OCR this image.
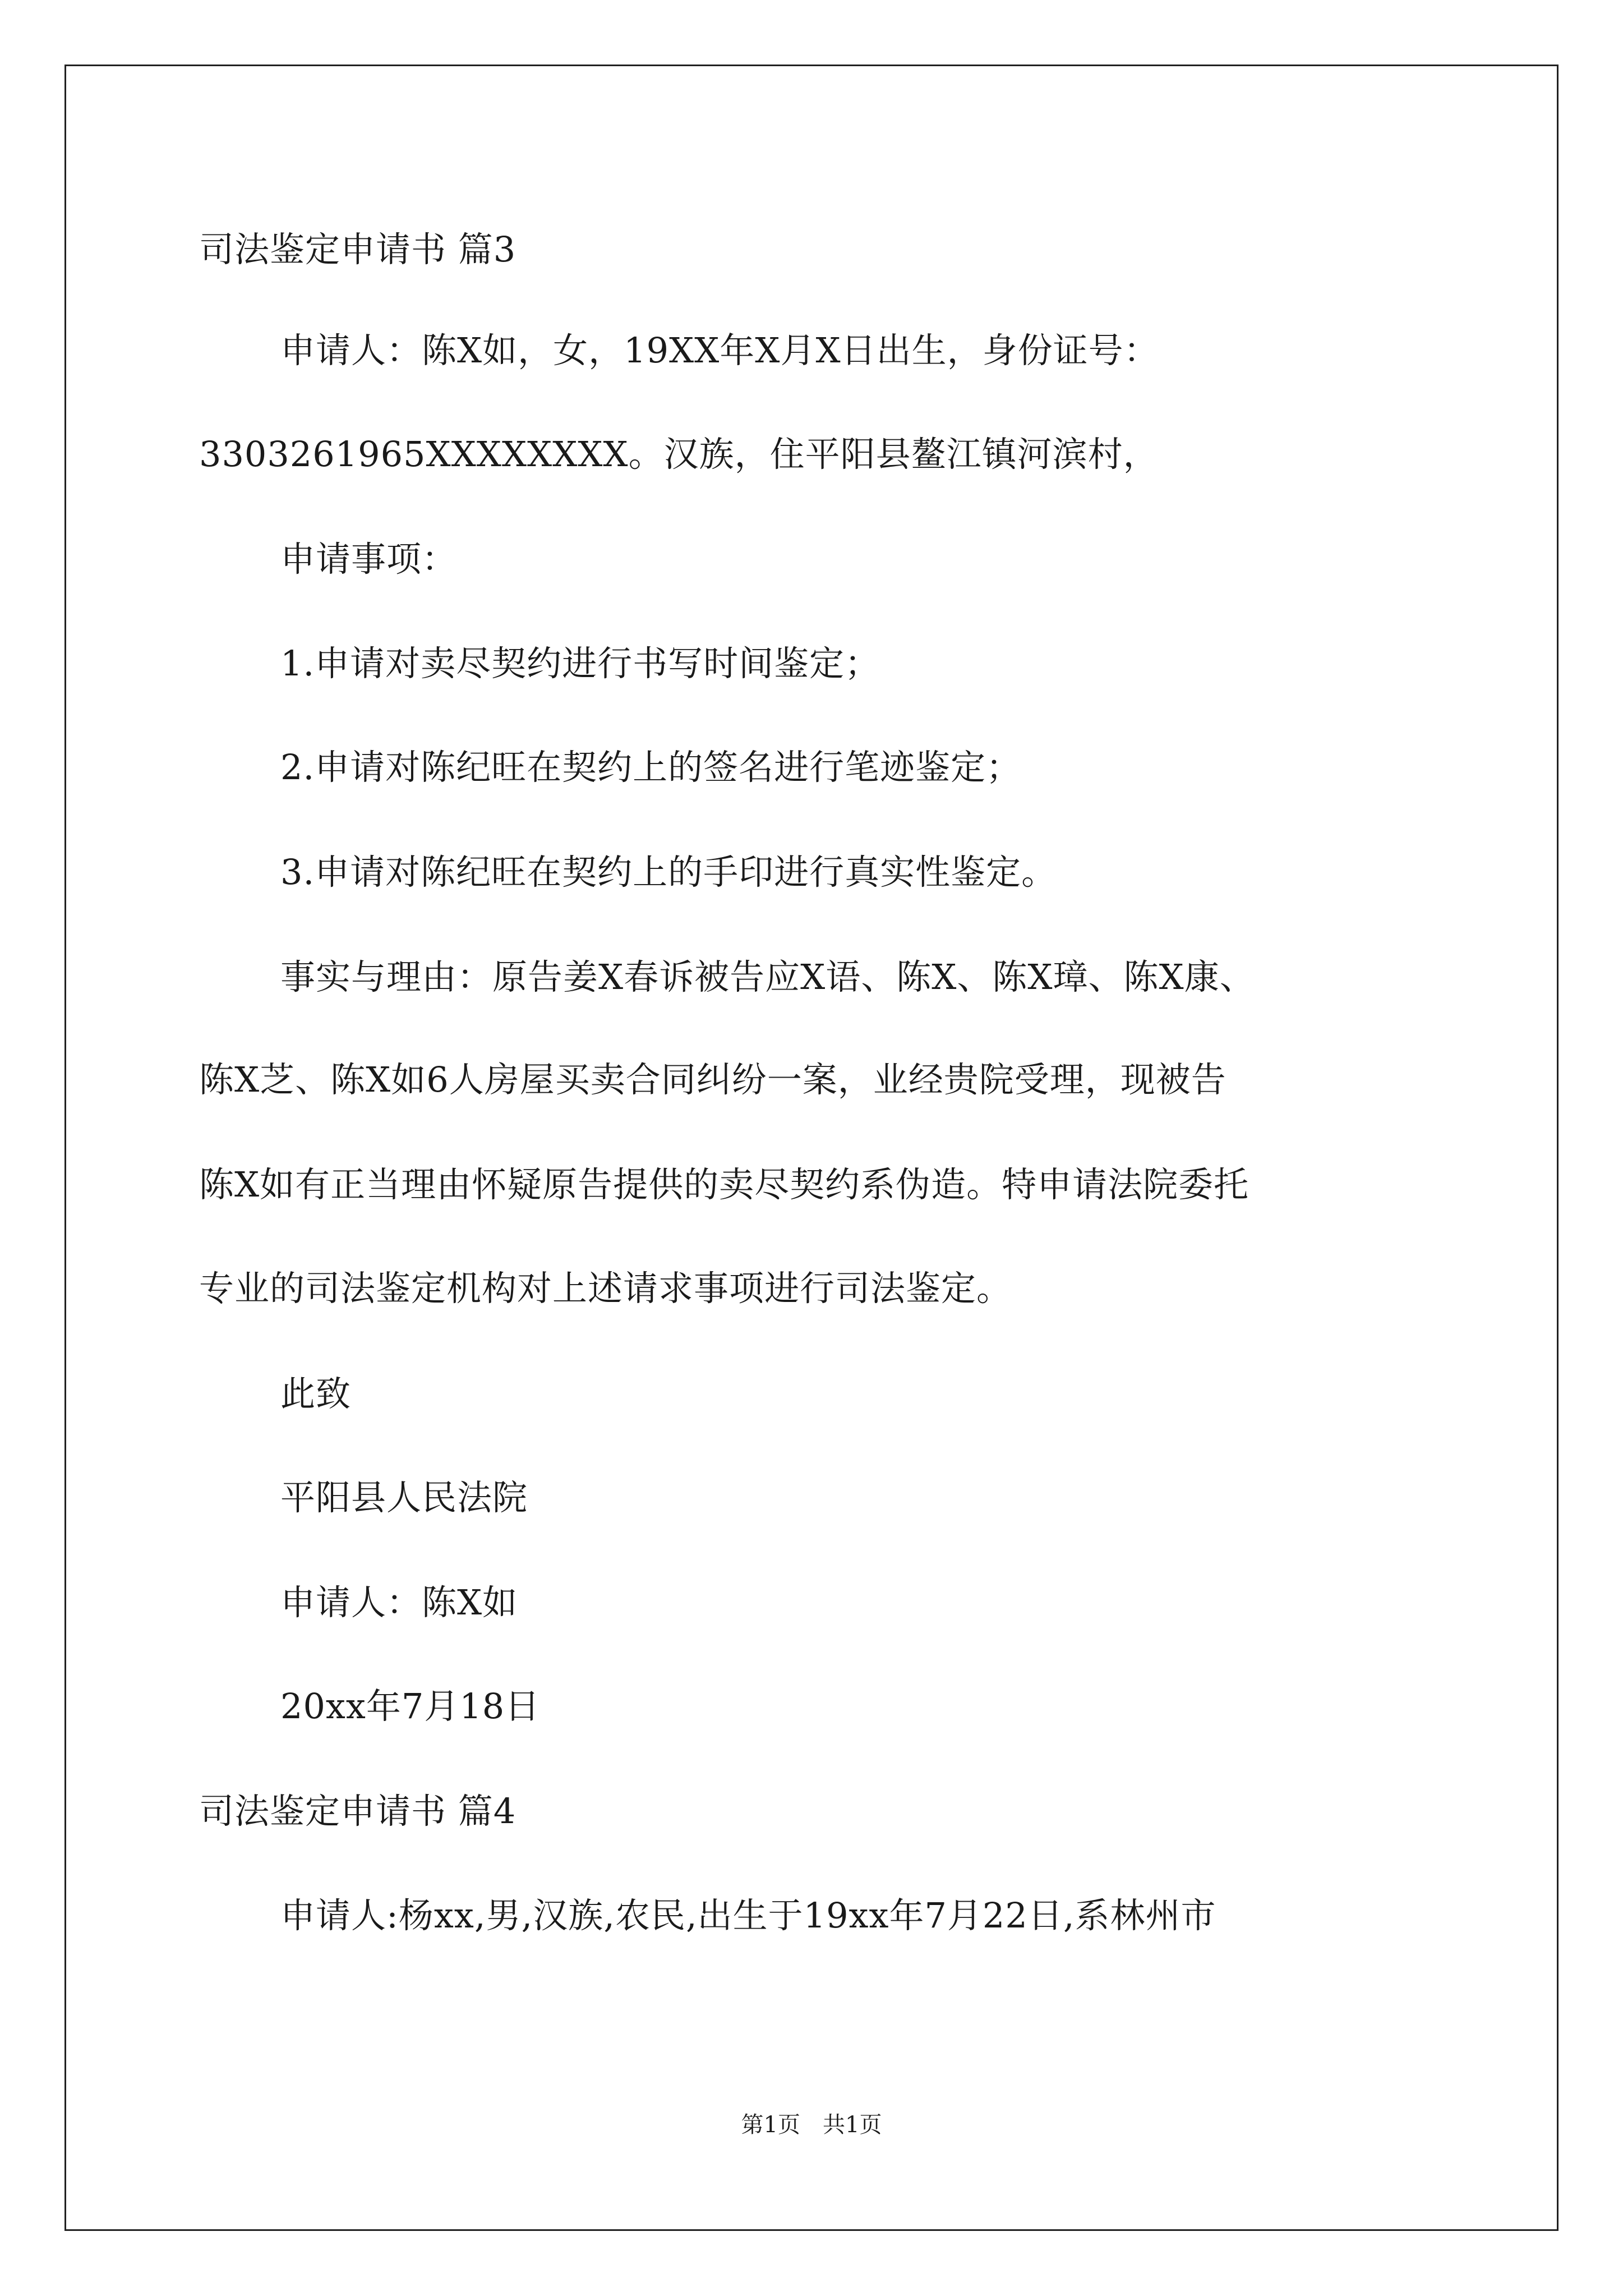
司法鉴定申请书 篇3
申请人：陈X如，女，19XX年X月X日出生，身份证号：
3303261965XXXXXXXX。汉族，住平阳县鳌江镇河滨村，
申请事项：
1.申请对卖尽契约进行书写时间鉴定；
2.申请对陈纪旺在契约上的签名进行笔迹鉴定；
3.申请对陈纪旺在契约上的手印进行真实性鉴定。
事实与理由：原告姜X春诉被告应X语、陈X、陈X璋、陈X康、
陈X芝、陈X如6人房屋买卖合同纠纷一案，业经贵院受理，现被告
陈X如有正当理由怀疑原告提供的卖尽契约系伪造。特申请法院委托
专业的司法鉴定机构对上述请求事项进行司法鉴定。
此致
平阳县人民法院
申请人：陈X如
20xx年7月18日
司法鉴定申请书 篇4
申请人:杨xx,男,汉族,农民,出生于19xx年7月22日,系林州市
第1页　共1页
